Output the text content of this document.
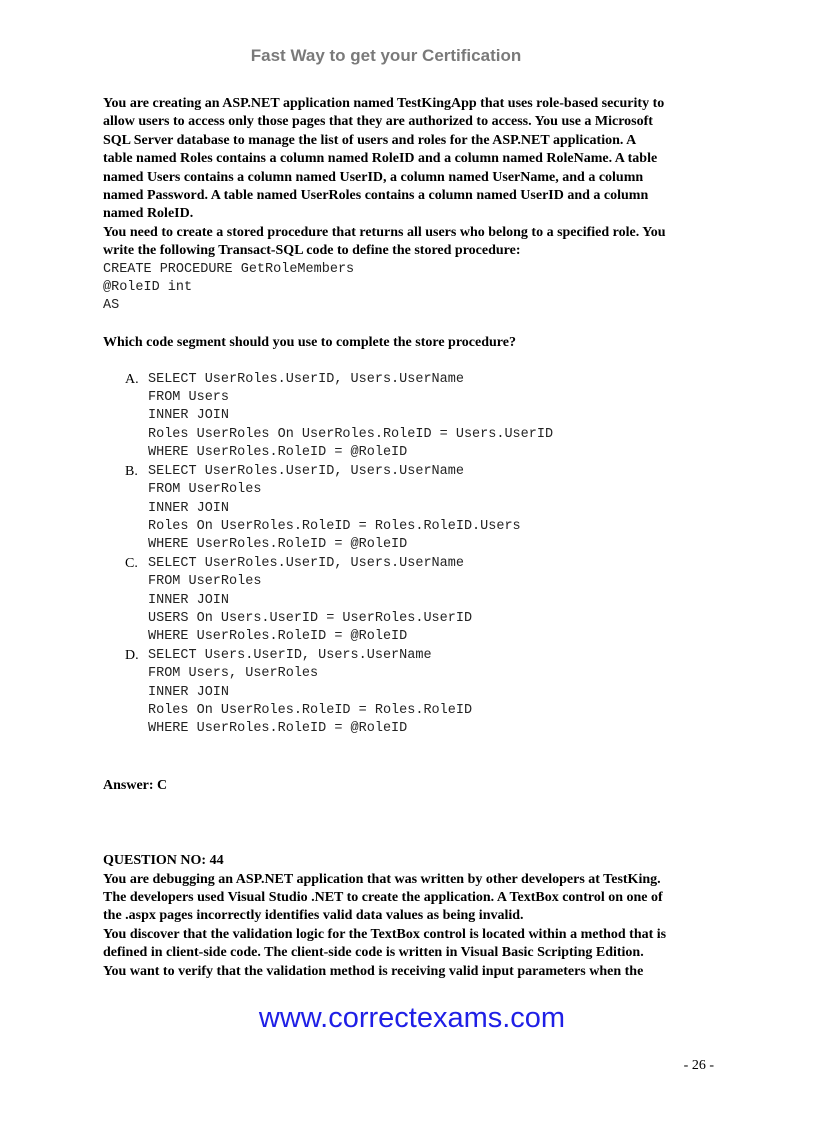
Fast Way to get your Certification

You are creating an ASP.NET application named TestKingApp that uses role-based security to

allow users to access only those pages that they are authorized to access. You use a Microsoft

SQL Server database to manage the list of users and roles for the ASP.NET application. A

table named Roles contains a column named RoleID and a column named RoleName. A table

named Users contains a column named UserID, a column named UserName, and a column

named Password. A table named UserRoles contains a column named UserID and a column

named RoleID.

You need to create a stored procedure that returns all users who belong to a specified role. You

write the following Transact-SQL code to define the stored procedure:

CREATE PROCEDURE GetRoleMembers

@RoleID int

AS

Which code segment should you use to complete the store procedure?

A. SELECT UserRoles.UserID, Users.UserName

FROM Users

INNER JOIN

Roles UserRoles On UserRoles.RoleID = Users.UserID

WHERE UserRoles.RoleID = @RoleID

B. SELECT UserRoles.UserID, Users.UserName

FROM UserRoles

INNER JOIN

Roles On UserRoles.RoleID = Roles.RoleID.Users

WHERE UserRoles.RoleID = @RoleID

C. SELECT UserRoles.UserID, Users.UserName

FROM UserRoles

INNER JOIN

USERS On Users.UserID = UserRoles.UserID

WHERE UserRoles.RoleID = @RoleID

D. SELECT Users.UserID, Users.UserName

FROM Users, UserRoles

INNER JOIN

Roles On UserRoles.RoleID = Roles.RoleID

WHERE UserRoles.RoleID = @RoleID

Answer: C

QUESTION NO: 44

You are debugging an ASP.NET application that was written by other developers at TestKing.

The developers used Visual Studio .NET to create the application. A TextBox control on one of

the .aspx pages incorrectly identifies valid data values as being invalid.

You discover that the validation logic for the TextBox control is located within a method that is

defined in client-side code. The client-side code is written in Visual Basic Scripting Edition.

You want to verify that the validation method is receiving valid input parameters when the

www.correctexams.com
- 26 -
